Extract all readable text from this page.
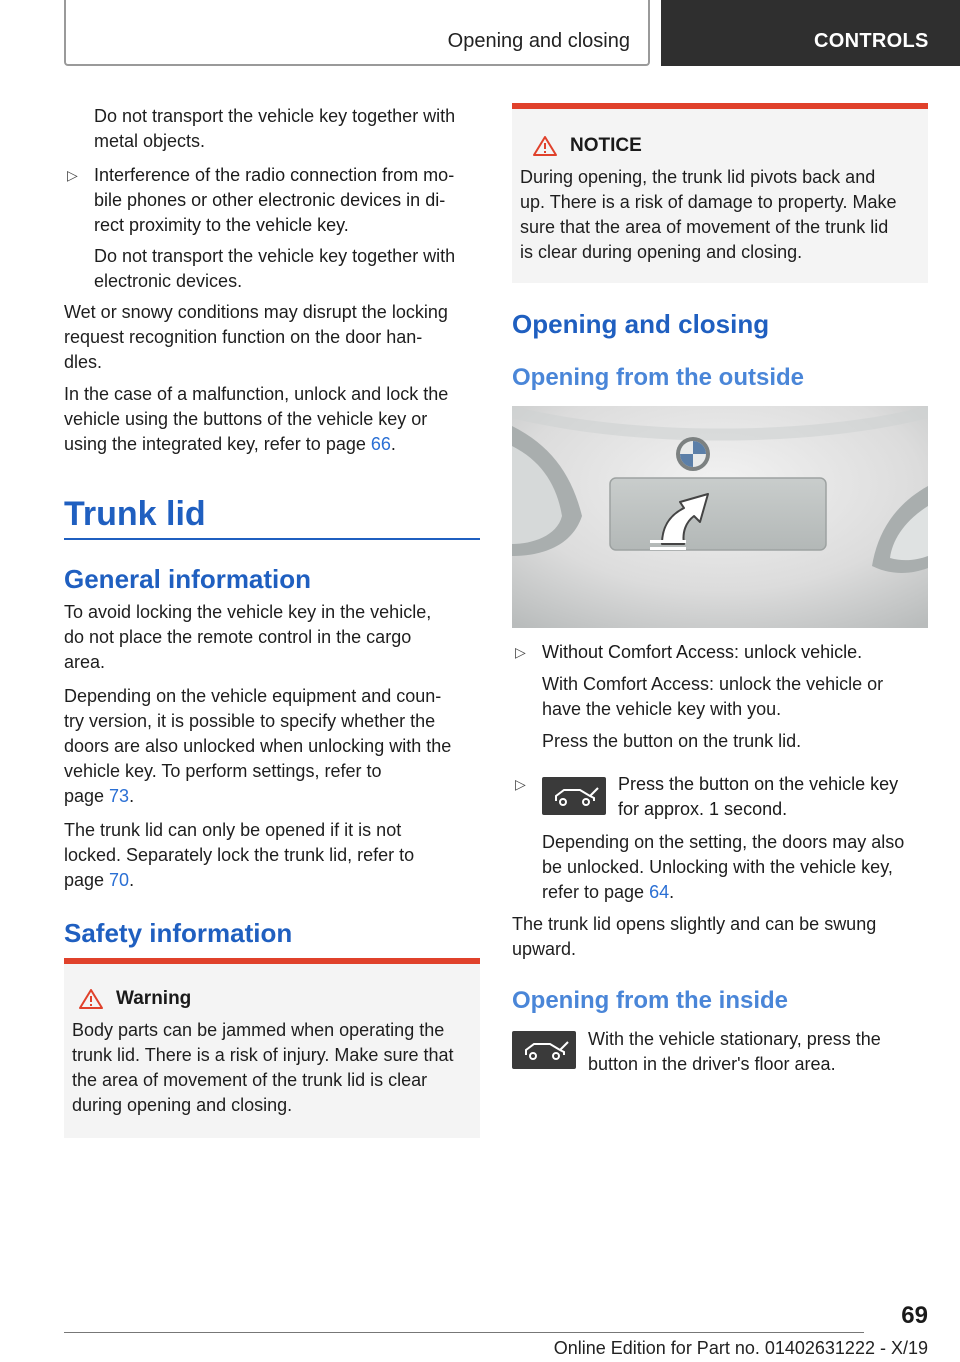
Opening and closing	CONTROLS
Do not transport the vehicle key together with metal objects.
▷ Interference of the radio connection from mo-
bile phones or other electronic devices in di-
rect proximity to the vehicle key.
Do not transport the vehicle key together with
electronic devices.
Wet or snowy conditions may disrupt the locking
request recognition function on the door han-
dles.
In the case of a malfunction, unlock and lock the
vehicle using the buttons of the vehicle key or
using the integrated key, refer to page 66.
Trunk lid
General information
To avoid locking the vehicle key in the vehicle,
do not place the remote control in the cargo
area.
Depending on the vehicle equipment and coun-
try version, it is possible to specify whether the
doors are also unlocked when unlocking with the
vehicle key. To perform settings, refer to
page 73.
The trunk lid can only be opened if it is not
locked. Separately lock the trunk lid, refer to
page 70.
Safety information
Warning
Body parts can be jammed when operating the
trunk lid. There is a risk of injury. Make sure that
the area of movement of the trunk lid is clear
during opening and closing.
NOTICE
During opening, the trunk lid pivots back and
up. There is a risk of damage to property. Make
sure that the area of movement of the trunk lid
is clear during opening and closing.
Opening and closing
Opening from the outside
▷ Without Comfort Access: unlock vehicle.
With Comfort Access: unlock the vehicle or
have the vehicle key with you.
Press the button on the trunk lid.
▷	Press the button on the vehicle key
for approx. 1 second.
Depending on the setting, the doors may also
be unlocked. Unlocking with the vehicle key,
refer to page 64.
The trunk lid opens slightly and can be swung
upward.
Opening from the inside
With the vehicle stationary, press the
button in the driver's floor area.
69
Online Edition for Part no. 01402631222 - X/19
